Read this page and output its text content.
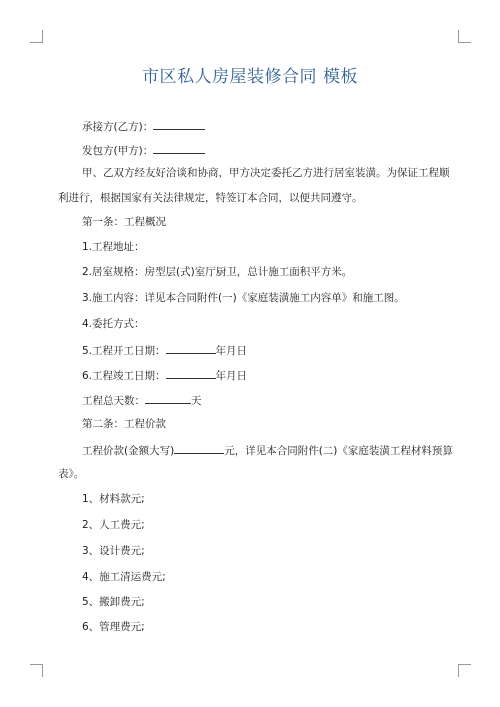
市区私人房屋装修合同 模板
承接方(乙方)：
发包方(甲方)：
甲、乙双方经友好洽谈和协商，甲方决定委托乙方进行居室装潢。为保证工程顺
利进行，根据国家有关法律规定，特签订本合同，以便共同遵守。
第一条：工程概况
1.工程地址：
2.居室规格：房型层(式)室厅厨卫，总计施工面积平方米。
3.施工内容：详见本合同附件(一)《家庭装潢施工内容单》和施工图。
4.委托方式：
5.工程开工日期：	年月日
6.工程竣工日期：	年月日
工程总天数：	天
第二条：工程价款
工程价款(金额大写)	元，详见本合同附件(二)《家庭装潢工程材料预算
表》。
1、材料款元;
2、人工费元;
3、设计费元;
4、施工清运费元;
5、搬卸费元;
6、管理费元;
